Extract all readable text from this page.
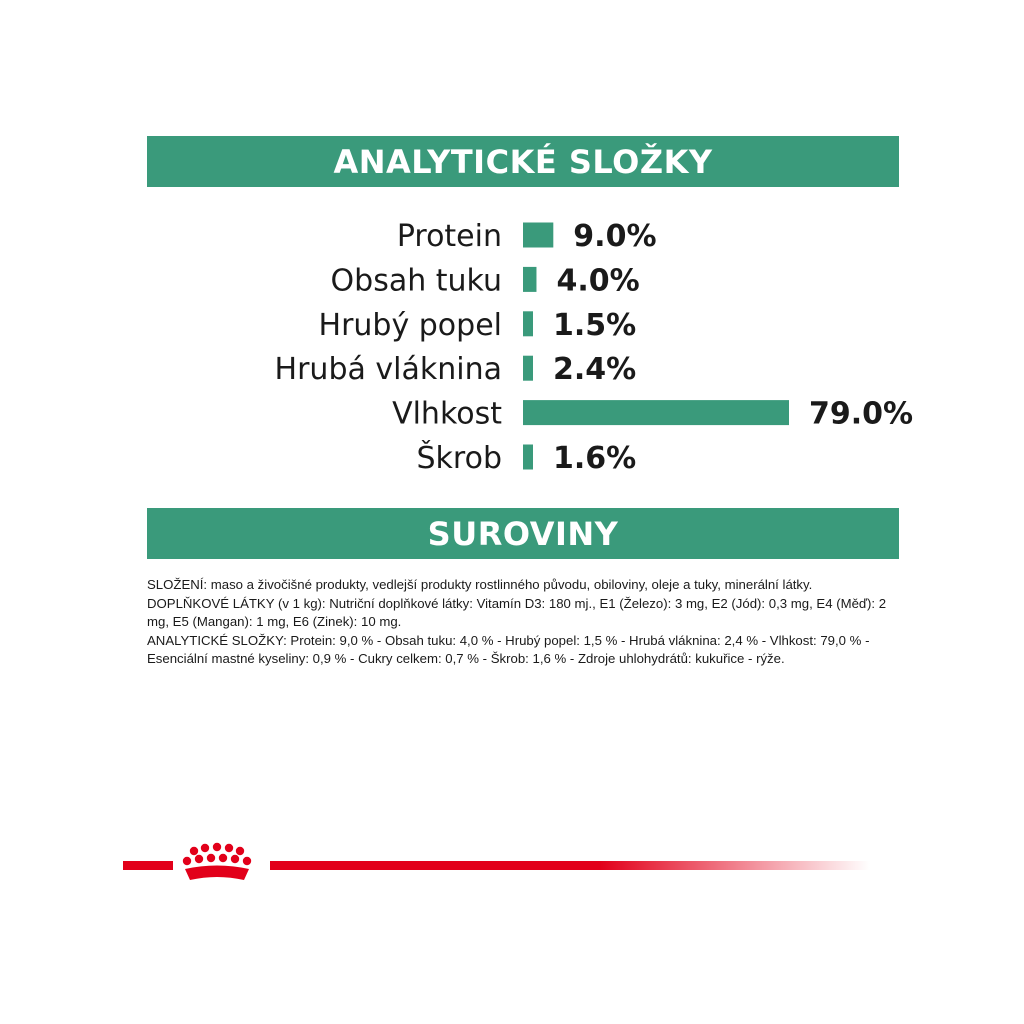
ANALYTICKÉ SLOŽKY
Protein 9.0%
Obsah tuku 4.0%
Hrubý popel 1.5%
Hrubá vláknina 2.4%
Vlhkost	79.0%
Škrob 1.6%
SUROVINY

SLOŽENÍ: maso a živočišné produkty, vedlejší produkty rostlinného původu, obiloviny, oleje a tuky, minerální látky.

DOPLŇKOVÉ LÁTKY (v 1 kg): Nutriční doplňkové látky: Vitamín D3: 180 mj., E1 (Železo): 3 mg, E2 (Jód): 0,3 mg, E4 (Měď): 2 mg, E5 (Mangan): 1 mg, E6 (Zinek): 10 mg.

ANALYTICKÉ SLOŽKY: Protein: 9,0 % - Obsah tuku: 4,0 % - Hrubý popel: 1,5 % - Hrubá vláknina: 2,4 % - Vlhkost: 79,0 % - Esenciální mastné kyseliny: 0,9 % - Cukry celkem: 0,7 % - Škrob: 1,6 % - Zdroje uhlohydrátů: kukuřice - rýže.
